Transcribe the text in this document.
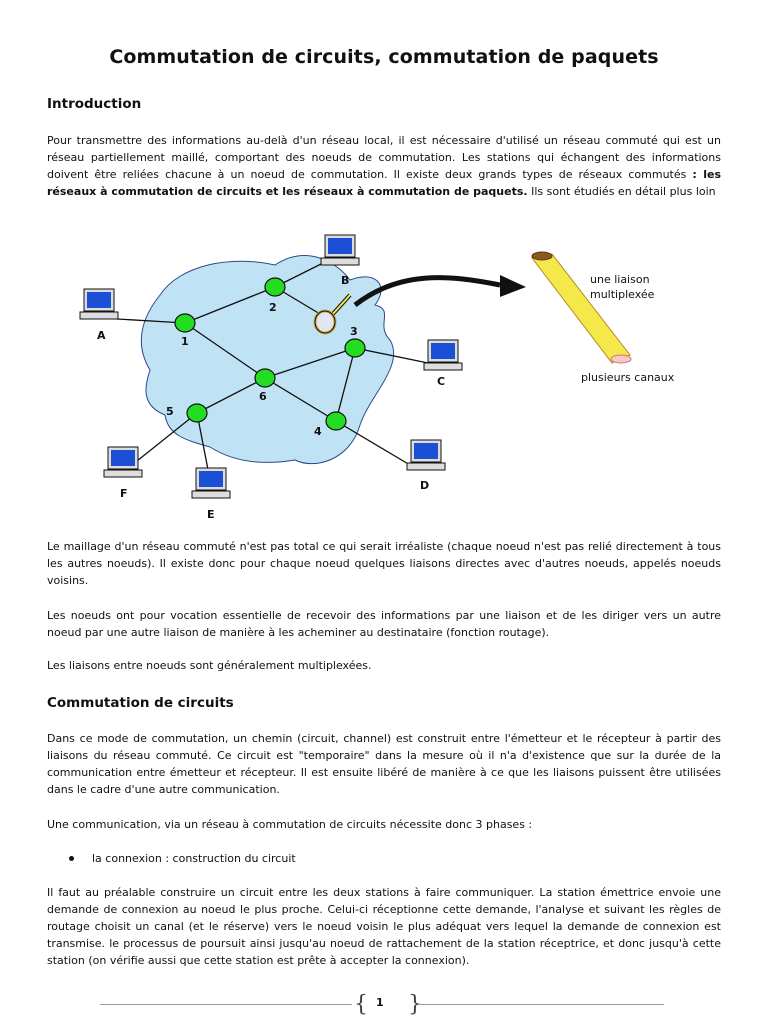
Commutation de circuits, commutation de paquets
Introduction

Pour transmettre des informations au-delà d'un réseau local, il est nécessaire d'utilisé un réseau commuté qui est un réseau partiellement maillé, comportant des noeuds de commutation. Les stations qui échangent des informations doivent être reliées chacune à un noeud de commutation. Il existe deux grands types de réseaux commutés : les réseaux à commutation de circuits et les réseaux à commutation de paquets. Ils sont étudiés en détail plus loin

1
2
3
4
5
6
A
B
C
D
E
F
une liaison multiplexée
plusieurs canaux

Le maillage d'un réseau commuté n'est pas total ce qui serait irréaliste (chaque noeud n'est pas relié directement à tous les autres noeuds). Il existe donc pour chaque noeud quelques liaisons directes avec d'autres noeuds, appelés noeuds voisins.

Les noeuds ont pour vocation essentielle de recevoir des informations par une liaison et de les diriger vers un autre noeud par une autre liaison de manière à les acheminer au destinataire (fonction routage).

Les liaisons entre noeuds sont généralement multiplexées.

Commutation de circuits

Dans ce mode de commutation, un chemin (circuit, channel) est construit entre l'émetteur et le récepteur à partir des liaisons du réseau commuté. Ce circuit est "temporaire" dans la mesure où il n'a d'existence que sur la durée de la communication entre émetteur et récepteur. Il est ensuite libéré de manière à ce que les liaisons puissent être utilisées dans le cadre d'une autre communication.

Une communication, via un réseau à commutation de circuits nécessite donc 3 phases :

la connexion : construction du circuit

Il faut au préalable construire un circuit entre les deux stations à faire communiquer. La station émettrice envoie une demande de connexion au noeud le plus proche. Celui-ci réceptionne cette demande, l'analyse et suivant les règles de routage choisit un canal (et le réserve) vers le noeud voisin le plus adéquat vers lequel la demande de connexion est transmise. le processus de poursuit ainsi jusqu'au noeud de rattachement de la station réceptrice, et donc jusqu'à cette station (on vérifie aussi que cette station est prête à accepter la connexion).

{ 1 }
